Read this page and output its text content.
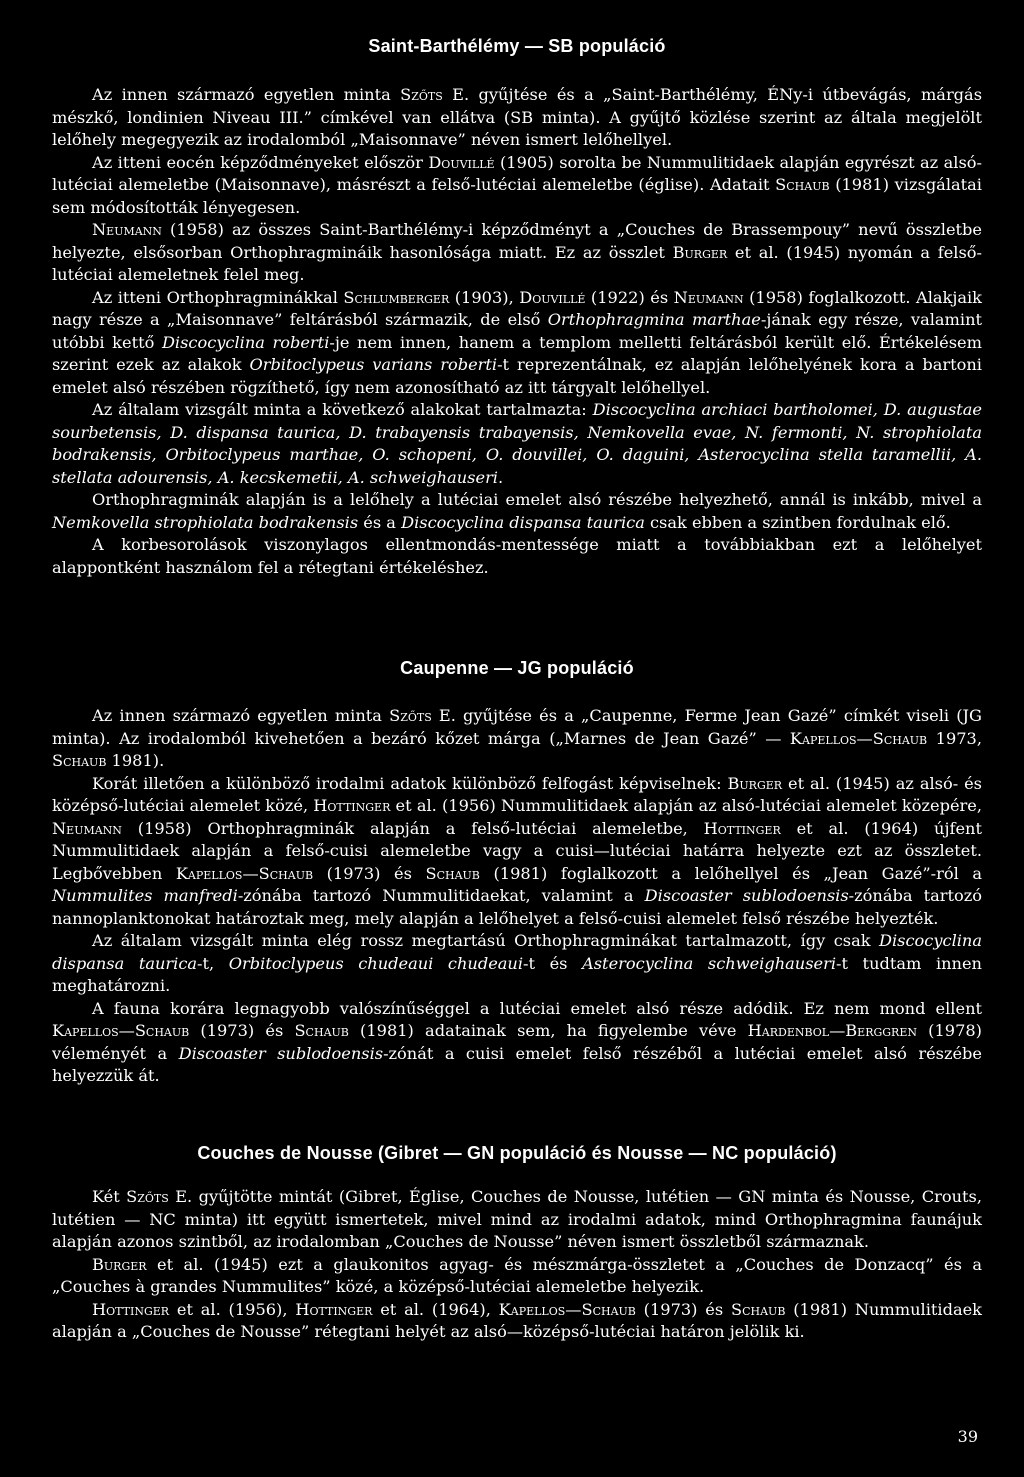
Saint-Barthélémy — SB populáció

Az innen származó egyetlen minta Szőts E. gyűjtése és a „Saint-Barthélémy, ÉNy-i útbevágás, márgás mészkő, londinien Niveau III.” címkével van ellátva (SB minta). A gyűjtő közlése szerint az általa megjelölt lelőhely megegyezik az irodalomból „Maisonnave” néven ismert lelőhellyel.

Az itteni eocén képződményeket először Douvillé (1905) sorolta be Nummulitidaek alapján egyrészt az alsó-lutéciai alemeletbe (Maisonnave), másrészt a felső-lutéciai alemeletbe (église). Adatait Schaub (1981) vizsgálatai sem módosították lényegesen.

Neumann (1958) az összes Saint-Barthélémy-i képződményt a „Couches de Brassempouy” nevű összletbe helyezte, elsősorban Orthophragmináik hasonlósága miatt. Ez az összlet Burger et al. (1945) nyomán a felső-lutéciai alemeletnek felel meg.

Az itteni Orthophragminákkal Schlumberger (1903), Douvillé (1922) és Neumann (1958) foglalkozott. Alakjaik nagy része a „Maisonnave” feltárásból származik, de első Orthophragmina marthae-jának egy része, valamint utóbbi kettő Discocyclina roberti-je nem innen, hanem a templom melletti feltárásból került elő. Értékelésem szerint ezek az alakok Orbitoclypeus varians roberti-t reprezentálnak, ez alapján lelőhelyének kora a bartoni emelet alsó részében rögzíthető, így nem azonosítható az itt tárgyalt lelőhellyel.

Az általam vizsgált minta a következő alakokat tartalmazta: Discocyclina archiaci bartholomei, D. augustae sourbetensis, D. dispansa taurica, D. trabayensis trabayensis, Nemkovella evae, N. fermonti, N. strophiolata bodrakensis, Orbitoclypeus marthae, O. schopeni, O. douvillei, O. daguini, Asterocyclina stella taramellii, A. stellata adourensis, A. kecskemetii, A. schweighauseri.

Orthophragminák alapján is a lelőhely a lutéciai emelet alsó részébe helyezhető, annál is inkább, mivel a Nemkovella strophiolata bodrakensis és a Discocyclina dispansa taurica csak ebben a szintben fordulnak elő.

A korbesorolások viszonylagos ellentmondás-mentessége miatt a továbbiakban ezt a lelőhelyet alappontként használom fel a rétegtani értékeléshez.

Caupenne — JG populáció

Az innen származó egyetlen minta Szőts E. gyűjtése és a „Caupenne, Ferme Jean Gazé” címkét viseli (JG minta). Az irodalomból kivehetően a bezáró kőzet márga („Marnes de Jean Gazé” — Kapellos—Schaub 1973, Schaub 1981).

Korát illetően a különböző irodalmi adatok különböző felfogást képviselnek: Burger et al. (1945) az alsó- és középső-lutéciai alemelet közé, Hottinger et al. (1956) Nummulitidaek alapján az alsó-lutéciai alemelet közepére, Neumann (1958) Orthophragminák alapján a felső-lutéciai alemeletbe, Hottinger et al. (1964) újfent Nummulitidaek alapján a felső-cuisi alemeletbe vagy a cuisi—lutéciai határra helyezte ezt az összletet. Legbővebben Kapellos—Schaub (1973) és Schaub (1981) foglalkozott a lelőhellyel és „Jean Gazé”-ról a Nummulites manfredi-zónába tartozó Nummulitidaekat, valamint a Discoaster sublodoensis-zónába tartozó nannoplanktonokat határoztak meg, mely alapján a lelőhelyet a felső-cuisi alemelet felső részébe helyezték.

Az általam vizsgált minta elég rossz megtartású Orthophragminákat tartalmazott, így csak Discocyclina dispansa taurica-t, Orbitoclypeus chudeaui chudeaui-t és Asterocyclina schweighauseri-t tudtam innen meghatározni.

A fauna korára legnagyobb valószínűséggel a lutéciai emelet alsó része adódik. Ez nem mond ellent Kapellos—Schaub (1973) és Schaub (1981) adatainak sem, ha figyelembe véve Hardenbol—Berggren (1978) véleményét a Discoaster sublodoensis-zónát a cuisi emelet felső részéből a lutéciai emelet alsó részébe helyezzük át.

Couches de Nousse (Gibret — GN populáció és Nousse — NC populáció)

Két Szőts E. gyűjtötte mintát (Gibret, Église, Couches de Nousse, lutétien — GN minta és Nousse, Crouts, lutétien — NC minta) itt együtt ismertetek, mivel mind az irodalmi adatok, mind Orthophragmina faunájuk alapján azonos szintből, az irodalomban „Couches de Nousse” néven ismert összletből származnak.

Burger et al. (1945) ezt a glaukonitos agyag- és mészmárga-összletet a „Couches de Donzacq” és a „Couches à grandes Nummulites” közé, a középső-lutéciai alemeletbe helyezik.

Hottinger et al. (1956), Hottinger et al. (1964), Kapellos—Schaub (1973) és Schaub (1981) Nummulitidaek alapján a „Couches de Nousse” rétegtani helyét az alsó—középső-lutéciai határon jelölik ki.

39
